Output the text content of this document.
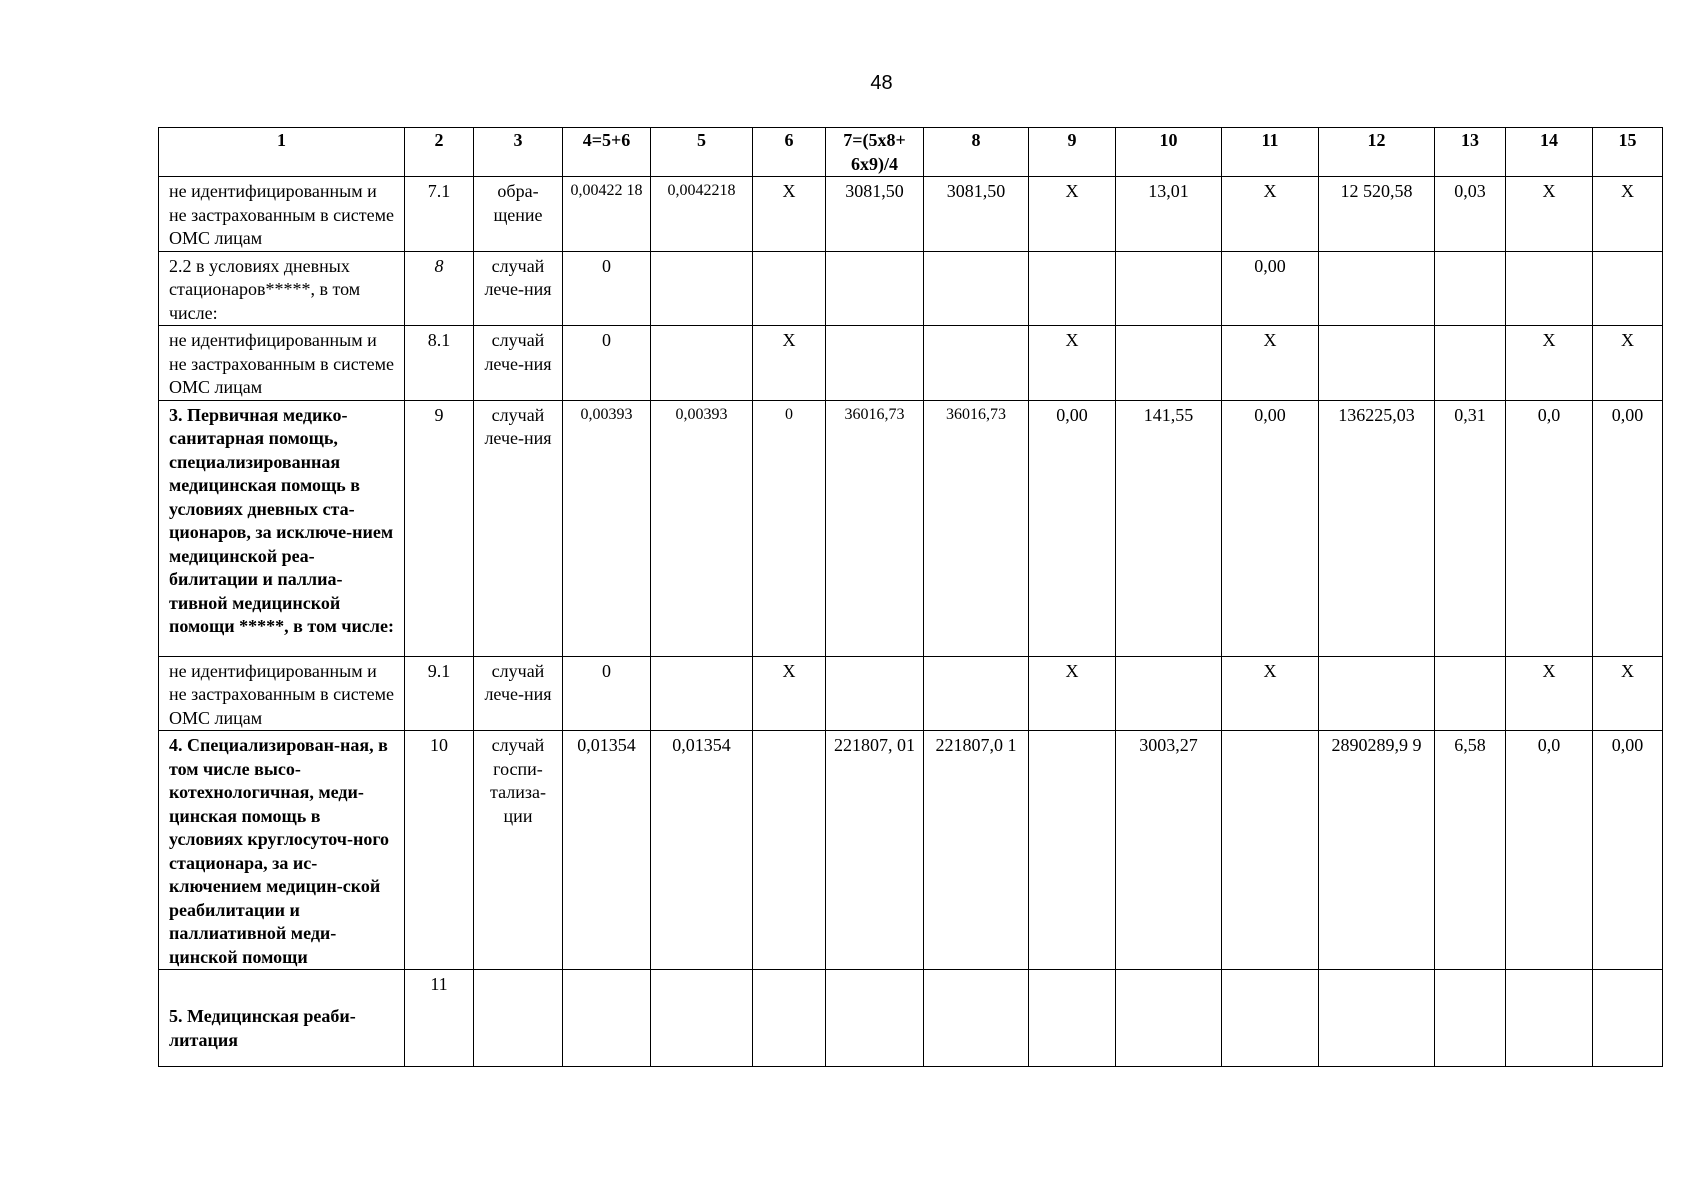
48
1	2	3	4=5+6	5	6	7=(5х8+ 6х9)/4	8	9	10	11	12	13	14	15
не идентифицированным и не застрахованным в системе ОМС лицам	7.1	обра-щение	0,00422 18	0,0042218	Х	3081,50	3081,50	Х	13,01	Х	12 520,58	0,03	Х	Х
2.2 в условиях дневных стационаров*****, в том числе:	8	случай лече-ния	0							0,00				
не идентифицированным и не застрахованным в системе ОМС лицам	8.1	случай лече-ния	0		Х			Х		Х			Х	Х
3. Первичная медико-санитарная помощь, специализированная медицинская помощь в условиях дневных ста-ционаров, за исключе-нием медицинской реа-билитации и паллиа-тивной медицинской помощи *****, в том числе:	9	случай лече-ния	0,00393	0,00393	0	36016,73	36016,73	0,00	141,55	0,00	136225,03	0,31	0,0	0,00
не идентифицированным и не застрахованным в системе ОМС лицам	9.1	случай лече-ния	0		Х			Х		Х			Х	Х
4. Специализирован-ная, в том числе высо-котехнологичная, меди-цинская помощь в условиях круглосуточ-ного стационара, за ис-ключением медицин-ской реабилитации и паллиативной меди-цинской помощи	10	случай госпи-тализа-ции	0,01354	0,01354		221807, 01	221807,0 1		3003,27		2890289,9 9	6,58	0,0	0,00

5. Медицинская реаби-литация	11													
